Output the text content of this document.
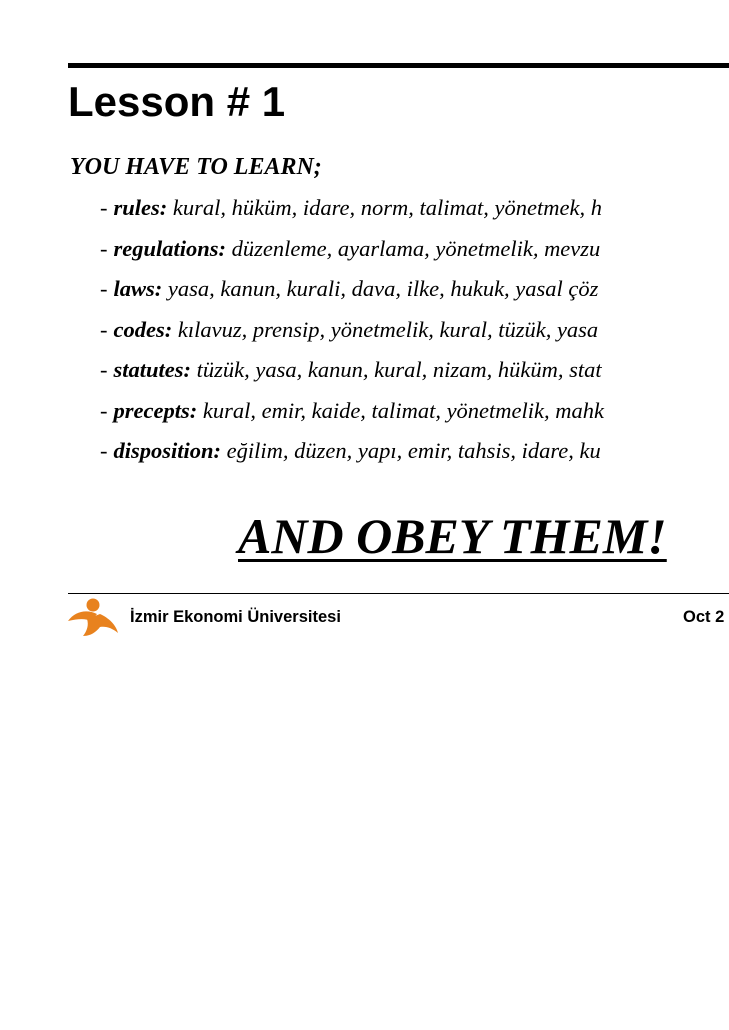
Lesson # 1
YOU HAVE TO LEARN;
- rules: kural, hüküm, idare, norm, talimat, yönetmek, h
- regulations: düzenleme, ayarlama, yönetmelik, mevzu
- laws: yasa, kanun, kurali, dava, ilke, hukuk, yasal çöz
- codes: kılavuz, prensip, yönetmelik, kural, tüzük, yasa
- statutes: tüzük, yasa, kanun, kural, nizam, hüküm, stat
- precepts: kural, emir, kaide, talimat, yönetmelik, mahk
- disposition: eğilim, düzen, yapı, emir, tahsis, idare, ku
AND OBEY THEM!
İzmir Ekonomi Üniversitesi	Oct 2
